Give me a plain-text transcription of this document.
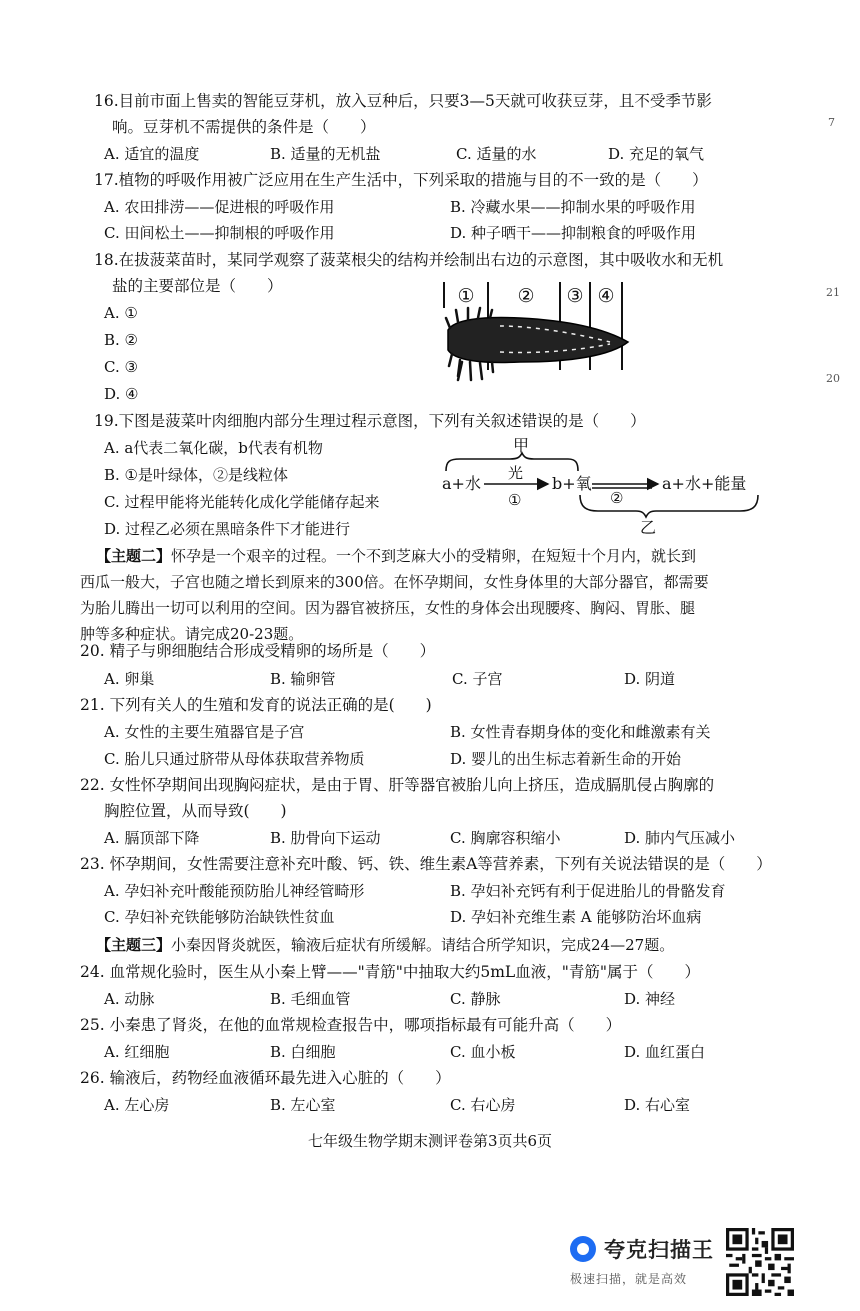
16.目前市面上售卖的智能豆芽机，放入豆种后，只要3—5天就可收获豆芽，且不受季节影
响。豆芽机不需提供的条件是（　　）
A. 适宜的温度	B. 适量的无机盐	C. 适量的水	D. 充足的氧气
17.植物的呼吸作用被广泛应用在生产生活中，下列采取的措施与目的不一致的是（　　）
A. 农田排涝——促进根的呼吸作用	B. 冷藏水果——抑制水果的呼吸作用
C. 田间松土——抑制根的呼吸作用	D. 种子晒干——抑制粮食的呼吸作用
18.在拔菠菜苗时，某同学观察了菠菜根尖的结构并绘制出右边的示意图，其中吸收水和无机
盐的主要部位是（　　）
A. ①
B. ②
C. ③
D. ④
① ② ③ ④
19.下图是菠菜叶肉细胞内部分生理过程示意图，下列有关叙述错误的是（　　）
A. a代表二氧化碳，b代表有机物
B. ①是叶绿体，②是线粒体
C. 过程甲能将光能转化成化学能储存起来
D. 过程乙必须在黑暗条件下才能进行
甲
a+水
光
①
b+氧
②
a+水+能量
乙
【主题二】怀孕是一个艰辛的过程。一个不到芝麻大小的受精卵，在短短十个月内，就长到
西瓜一般大，子宫也随之增长到原来的300倍。在怀孕期间，女性身体里的大部分器官，都需要
为胎儿腾出一切可以利用的空间。因为器官被挤压，女性的身体会出现腰疼、胸闷、胃胀、腿
肿等多种症状。请完成20-23题。
20. 精子与卵细胞结合形成受精卵的场所是（　　）
A. 卵巢	B. 输卵管	C. 子宫	D. 阴道
21. 下列有关人的生殖和发育的说法正确的是(　　)
A. 女性的主要生殖器官是子宫	B. 女性青春期身体的变化和雌激素有关
C. 胎儿只通过脐带从母体获取营养物质	D. 婴儿的出生标志着新生命的开始
22. 女性怀孕期间出现胸闷症状，是由于胃、肝等器官被胎儿向上挤压，造成膈肌侵占胸廓的
胸腔位置，从而导致(　　)
A. 膈顶部下降	B. 肋骨向下运动	C. 胸廓容积缩小	D. 肺内气压减小
23. 怀孕期间，女性需要注意补充叶酸、钙、铁、维生素A等营养素，下列有关说法错误的是（　　）
A. 孕妇补充叶酸能预防胎儿神经管畸形	B. 孕妇补充钙有利于促进胎儿的骨骼发育
C. 孕妇补充铁能够防治缺铁性贫血	D. 孕妇补充维生素 A 能够防治坏血病
【主题三】小秦因肾炎就医，输液后症状有所缓解。请结合所学知识，完成24—27题。
24. 血常规化验时，医生从小秦上臂——"青筋"中抽取大约5mL血液，"青筋"属于（　　）
A. 动脉	B. 毛细血管	C. 静脉	D. 神经
25. 小秦患了肾炎，在他的血常规检查报告中，哪项指标最有可能升高（　　）
A. 红细胞	B. 白细胞	C. 血小板	D. 血红蛋白
26. 输液后，药物经血液循环最先进入心脏的（　　）
A. 左心房	B. 左心室	C. 右心房	D. 右心室
7
21
20
七年级生物学期末测评卷第3页共6页
夸克扫描王
极速扫描，就是高效
